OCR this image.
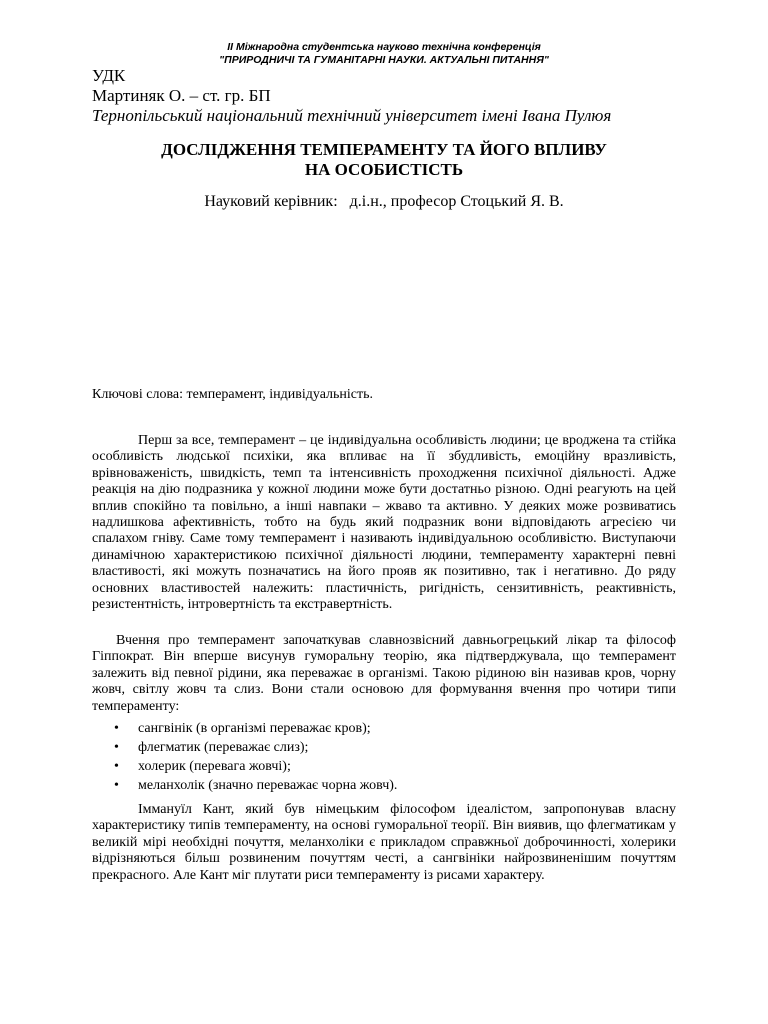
ІІ Міжнародна студентська науково технічна конференція
"ПРИРОДНИЧІ ТА ГУМАНІТАРНІ НАУКИ. АКТУАЛЬНІ ПИТАННЯ"
УДК
Мартиняк О. – ст. гр. БП
Тернопільський національний технічний університет імені Івана Пулюя
ДОСЛІДЖЕННЯ ТЕМПЕРАМЕНТУ ТА ЙОГО ВПЛИВУ
НА ОСОБИСТІСТЬ
Науковий керівник:   д.і.н., професор Стоцький Я. В.
Ключові слова: темперамент, індивідуальність.

Перш за все, темперамент – це індивідуальна особливість людини; це вроджена та стійка особливість людської психіки, яка впливає на її збудливість, емоційну вразливість, врівноваженість, швидкість, темп та інтенсивність проходження психічної діяльності. Адже реакція на дію подразника у кожної людини може бути достатньо різною. Одні реагують на цей вплив спокійно та повільно, а інші навпаки – жваво та активно. У деяких може розвиватись надлишкова афективність, тобто на будь який подразник вони відповідають агресією чи спалахом гніву. Саме тому темперамент і називають індивідуальною особливістю. Виступаючи динамічною характеристикою психічної діяльності людини, темпераменту характерні певні властивості, які можуть позначатись на його прояв як позитивно, так і негативно. До ряду основних властивостей належить: пластичність, ригідність, сензитивність, реактивність, резистентність, інтровертність та екстравертність.

Вчення про темперамент започаткував славнозвісний давньогрецький лікар та філософ Гіппократ. Він вперше висунув гуморальну теорію, яка підтверджувала, що темперамент залежить від певної рідини, яка переважає в організмі. Такою рідиною він називав кров, чорну жовч, світлу жовч та слиз. Вони стали основою для формування вчення про чотири типи темпераменту:

• сангвінік (в організмі переважає кров);
• флегматик (переважає слиз);
• холерик (перевага жовчі);
• меланхолік (значно переважає чорна жовч).

Іммануїл Кант, який був німецьким філософом ідеалістом, запропонував власну характеристику типів темпераменту, на основі гуморальної теорії. Він виявив, що флегматикам у великій мірі необхідні почуття, меланхоліки є прикладом справжньої доброчинності, холерики відрізняються більш розвиненим почуттям честі, а сангвініки найрозвиненішим почуттям прекрасного. Але Кант міг плутати риси темпераменту із рисами характеру.
